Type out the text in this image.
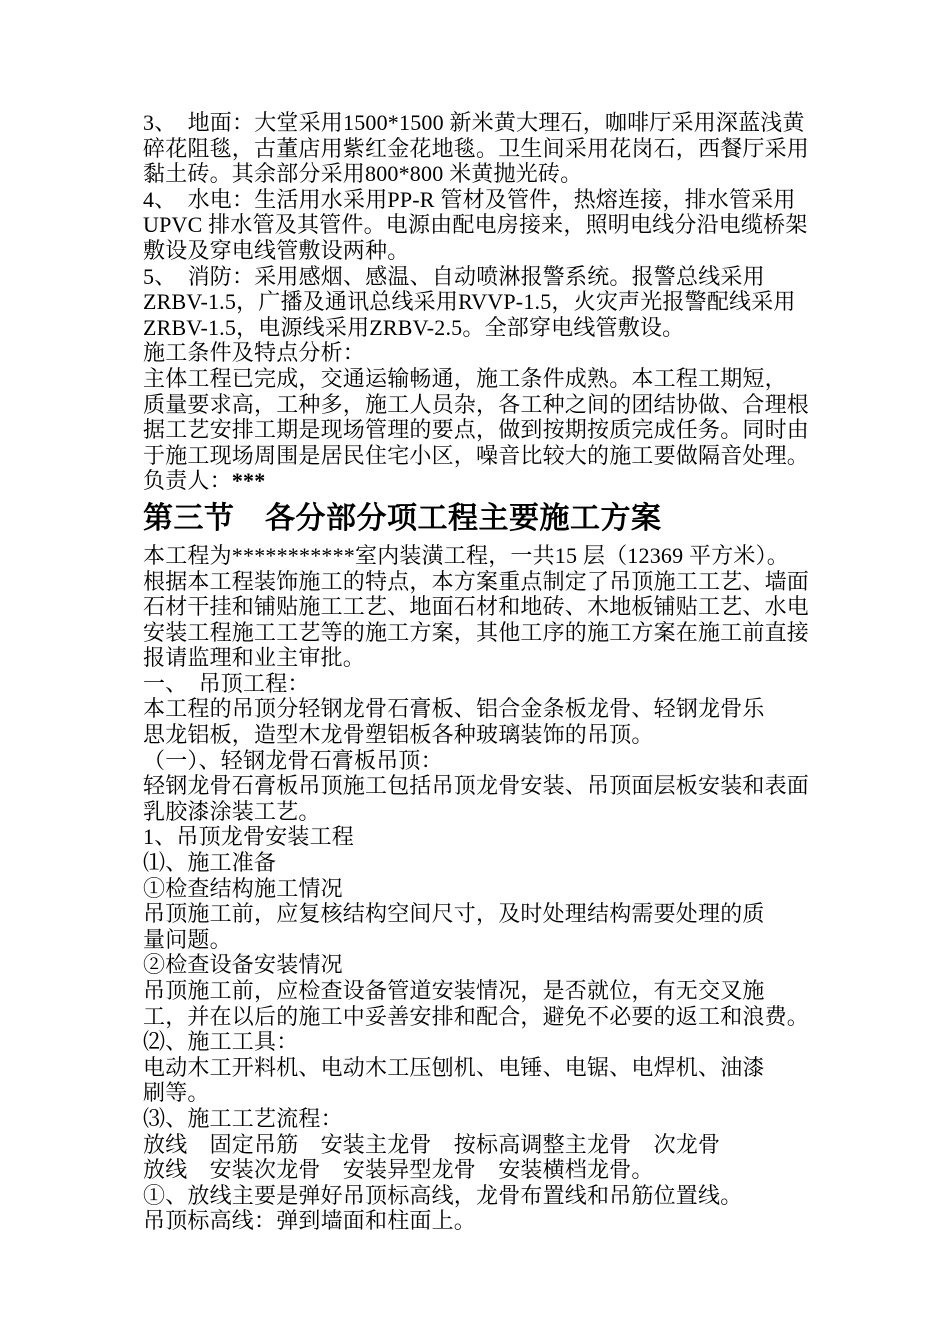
3、　地面：大堂采用1500*1500 新米黄大理石，咖啡厅采用深蓝浅黄
碎花阻毯，古董店用紫红金花地毯。卫生间采用花岗石，西餐厅采用
黏土砖。其余部分采用800*800 米黄抛光砖。
4、　水电：生活用水采用PP-R 管材及管件，热熔连接，排水管采用
UPVC 排水管及其管件。电源由配电房接来，照明电线分沿电缆桥架
敷设及穿电线管敷设两种。
5、　消防：采用感烟、感温、自动喷淋报警系统。报警总线采用
ZRBV-1.5，广播及通讯总线采用RVVP-1.5，火灾声光报警配线采用
ZRBV-1.5，电源线采用ZRBV-2.5。全部穿电线管敷设。
施工条件及特点分析：
主体工程已完成，交通运输畅通，施工条件成熟。本工程工期短，
质量要求高，工种多，施工人员杂，各工种之间的团结协做、合理根
据工艺安排工期是现场管理的要点，做到按期按质完成任务。同时由
于施工现场周围是居民住宅小区，噪音比较大的施工要做隔音处理。
负责人：***
第三节　各分部分项工程主要施工方案
本工程为***********室内装潢工程，一共15 层（12369 平方米）。
根据本工程装饰施工的特点，本方案重点制定了吊顶施工工艺、墙面
石材干挂和铺贴施工工艺、地面石材和地砖、木地板铺贴工艺、水电
安装工程施工工艺等的施工方案，其他工序的施工方案在施工前直接
报请监理和业主审批。
一、　吊顶工程：
本工程的吊顶分轻钢龙骨石膏板、铝合金条板龙骨、轻钢龙骨乐
思龙铝板，造型木龙骨塑铝板各种玻璃装饰的吊顶。
（一）、轻钢龙骨石膏板吊顶：
轻钢龙骨石膏板吊顶施工包括吊顶龙骨安装、吊顶面层板安装和表面
乳胶漆涂装工艺。
1、吊顶龙骨安装工程
⑴、施工准备
①检查结构施工情况
吊顶施工前，应复核结构空间尺寸，及时处理结构需要处理的质
量问题。
②检查设备安装情况
吊顶施工前，应检查设备管道安装情况，是否就位，有无交叉施
工，并在以后的施工中妥善安排和配合，避免不必要的返工和浪费。
⑵、施工工具：
电动木工开料机、电动木工压刨机、电锤、电锯、电焊机、油漆
刷等。
⑶、施工工艺流程：
放线　固定吊筋　安装主龙骨　按标高调整主龙骨　次龙骨
放线　安装次龙骨　安装异型龙骨　安装横档龙骨。
①、放线主要是弹好吊顶标高线，龙骨布置线和吊筋位置线。
吊顶标高线：弹到墙面和柱面上。
